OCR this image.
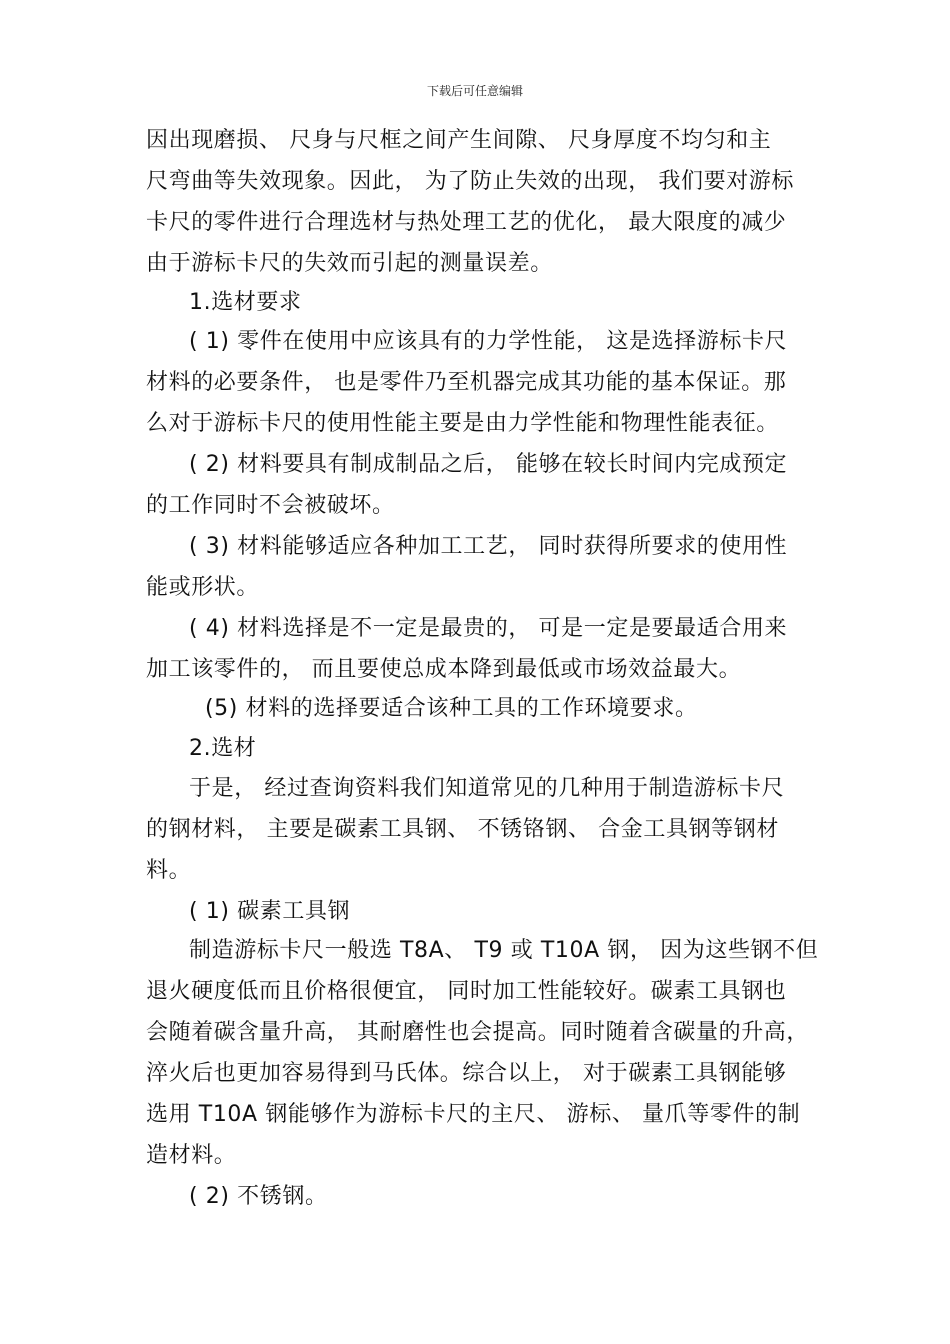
下载后可任意编辑
因出现磨损、 尺身与尺框之间产生间隙、 尺身厚度不均匀和主
尺弯曲等失效现象。因此， 为了防止失效的出现， 我们要对游标
卡尺的零件进行合理选材与热处理工艺的优化， 最大限度的减少
由于游标卡尺的失效而引起的测量误差。
1.选材要求
( 1) 零件在使用中应该具有的力学性能， 这是选择游标卡尺
材料的必要条件， 也是零件乃至机器完成其功能的基本保证。那
么对于游标卡尺的使用性能主要是由力学性能和物理性能表征。
( 2) 材料要具有制成制品之后， 能够在较长时间内完成预定
的工作同时不会被破坏。
( 3) 材料能够适应各种加工工艺， 同时获得所要求的使用性
能或形状。
( 4) 材料选择是不一定是最贵的， 可是一定是要最适合用来
加工该零件的， 而且要使总成本降到最低或市场效益最大。
(5) 材料的选择要适合该种工具的工作环境要求。
2.选材
于是， 经过查询资料我们知道常见的几种用于制造游标卡尺
的钢材料， 主要是碳素工具钢、 不锈铬钢、 合金工具钢等钢材
料。
( 1) 碳素工具钢
制造游标卡尺一般选 T8A、 T9 或 T10A 钢， 因为这些钢不但
退火硬度低而且价格很便宜， 同时加工性能较好。碳素工具钢也
会随着碳含量升高， 其耐磨性也会提高。同时随着含碳量的升高，
淬火后也更加容易得到马氏体。综合以上， 对于碳素工具钢能够
选用 T10A 钢能够作为游标卡尺的主尺、 游标、 量爪等零件的制
造材料。
( 2) 不锈钢。
